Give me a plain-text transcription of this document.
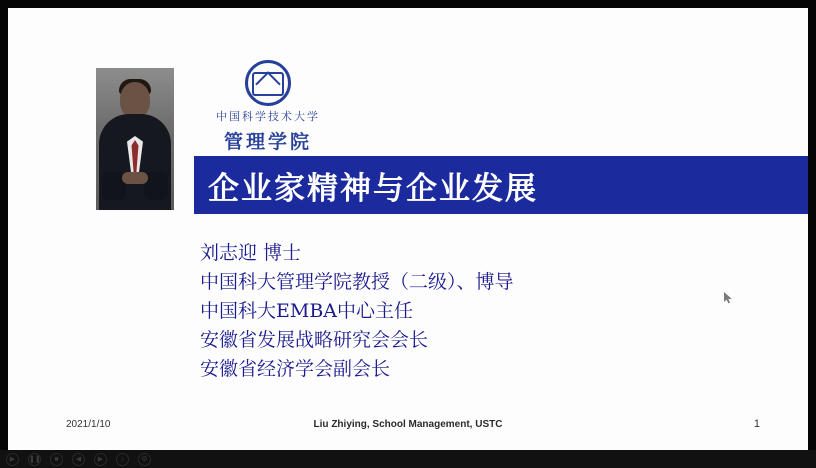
中国科学技术大学
管理学院
企业家精神与企业发展
刘志迎 博士
中国科大管理学院教授（二级）、博导
中国科大EMBA中心主任
安徽省发展战略研究会会长
安徽省经济学会副会长
2021/1/10	Liu Zhiying, School Management, USTC	1
▶	❚❚	■	◀	▶	♪	⚙
